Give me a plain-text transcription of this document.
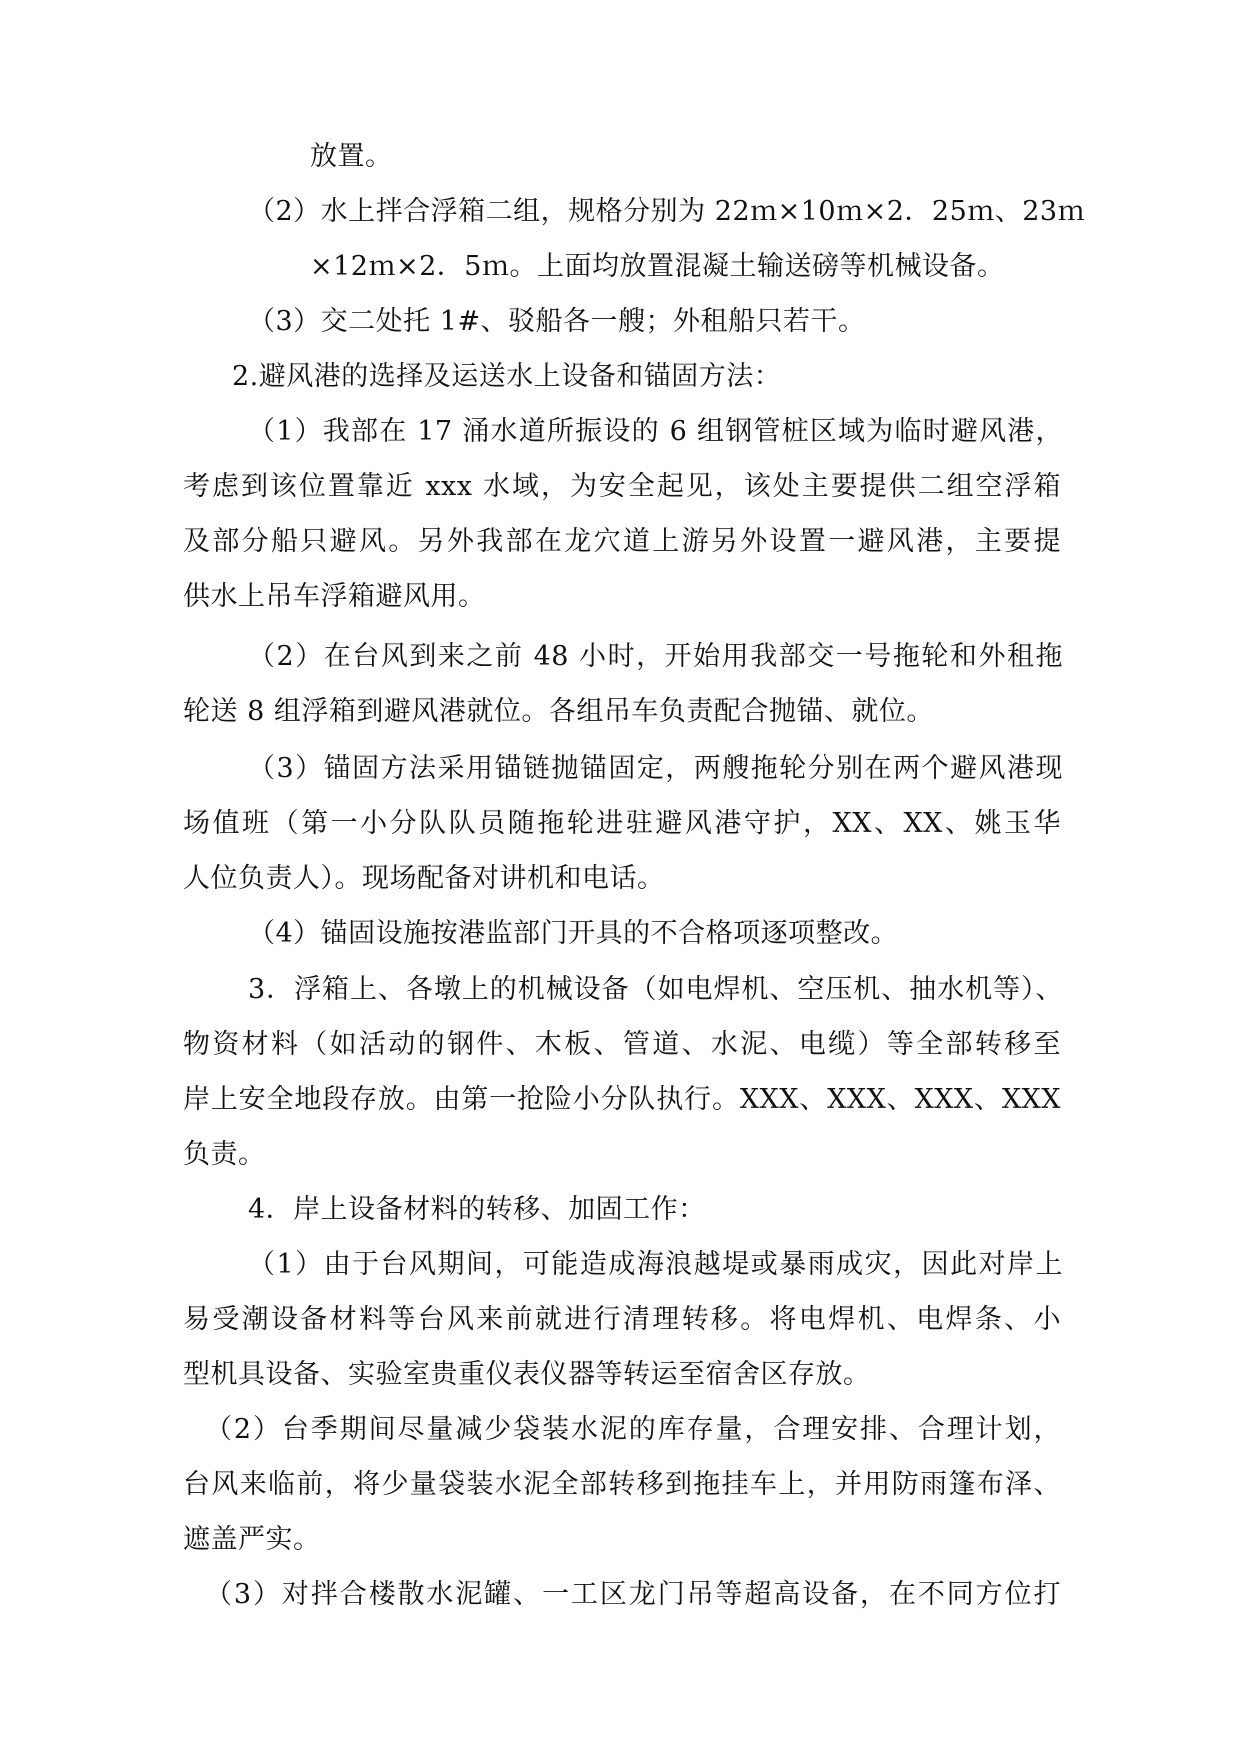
放置。
（2）水上拌合浮箱二组，规格分别为 22ｍ×10ｍ×2．25ｍ、23ｍ
×12ｍ×2．5ｍ。上面均放置混凝土输送磅等机械设备。
（3）交二处托 1#、驳船各一艘；外租船只若干。
2.避风港的选择及运送水上设备和锚固方法：
（1）我部在 17 涌水道所振设的 6 组钢管桩区域为临时避风港，
考虑到该位置靠近 xxx 水域，为安全起见，该处主要提供二组空浮箱
及部分船只避风。另外我部在龙穴道上游另外设置一避风港，主要提
供水上吊车浮箱避风用。
（2）在台风到来之前 48 小时，开始用我部交一号拖轮和外租拖
轮送 8 组浮箱到避风港就位。各组吊车负责配合抛锚、就位。
（3）锚固方法采用锚链抛锚固定，两艘拖轮分别在两个避风港现
场值班（第一小分队队员随拖轮进驻避风港守护，XX、XX、姚玉华
人位负责人）。现场配备对讲机和电话。
（4）锚固设施按港监部门开具的不合格项逐项整改。
3．浮箱上、各墩上的机械设备（如电焊机、空压机、抽水机等）、
物资材料（如活动的钢件、木板、管道、水泥、电缆）等全部转移至
岸上安全地段存放。由第一抢险小分队执行。XXX、XXX、XXX、XXX
负责。
4．岸上设备材料的转移、加固工作：
（1）由于台风期间，可能造成海浪越堤或暴雨成灾，因此对岸上
易受潮设备材料等台风来前就进行清理转移。将电焊机、电焊条、小
型机具设备、实验室贵重仪表仪器等转运至宿舍区存放。
（2）台季期间尽量减少袋装水泥的库存量，合理安排、合理计划，
台风来临前，将少量袋装水泥全部转移到拖挂车上，并用防雨篷布泽、
遮盖严实。
（3）对拌合楼散水泥罐、一工区龙门吊等超高设备，在不同方位打
